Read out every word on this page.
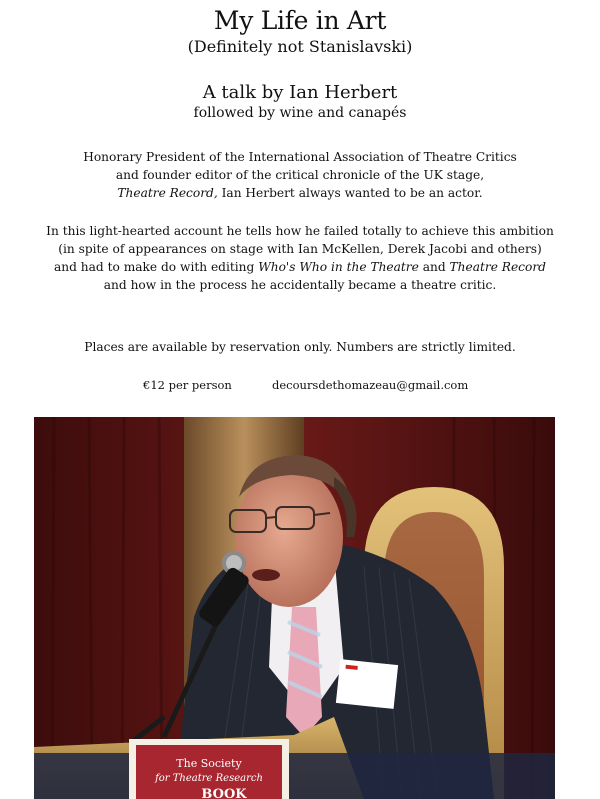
My Life in Art
(Definitely not Stanislavski)
A talk by Ian Herbert
followed by wine and canapés
Honorary President of the International Association of Theatre Critics
and founder editor of the critical chronicle of the UK stage,
Theatre Record, Ian Herbert always wanted to be an actor.
In this light-hearted account he tells how he failed totally to achieve this ambition
(in spite of appearances on stage with Ian McKellen, Derek Jacobi and others)
and had to make do with editing Who's Who in the Theatre and Theatre Record
and how in the process he accidentally became a theatre critic.
Places are available by reservation only. Numbers are strictly limited.
€12 per person	decoursdethomazeau@gmail.com
The Society
for Theatre Research
BOOK
